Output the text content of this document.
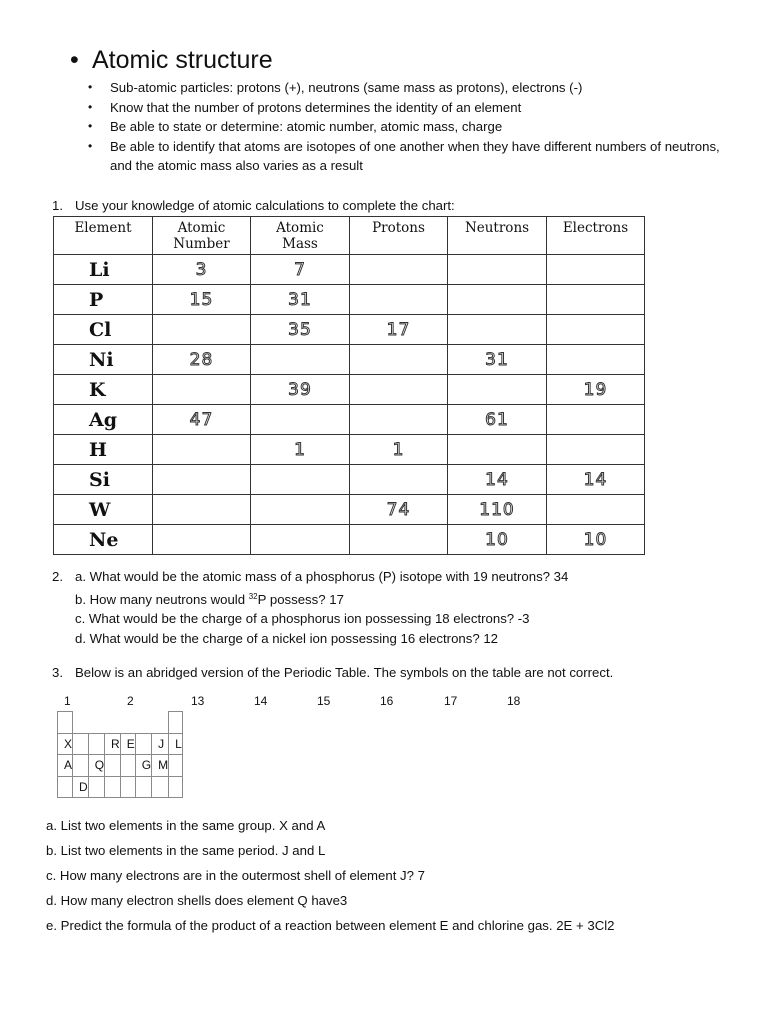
• Atomic structure
•	Sub-atomic particles: protons (+), neutrons (same mass as protons), electrons (-)
•	Know that the number of protons determines the identity of an element
•	Be able to state or determine: atomic number, atomic mass, charge
•	Be able to identify that atoms are isotopes of one another when they have different numbers of neutrons, and the atomic mass also varies as a result
1. Use your knowledge of atomic calculations to complete the chart:
Element	Atomic Number	Atomic Mass	Protons	Neutrons	Electrons
Li	3	7			
P	15	31			
Cl		35	17		
Ni	28			31	
K		39			19
Ag	47			61	
H		1	1		
Si				14	14
W			74	110	
Ne				10	10
2. a. What would be the atomic mass of a phosphorus (P) isotope with 19 neutrons? 34
b. How many neutrons would $^{32}$P possess? 17
c. What would be the charge of a phosphorus ion possessing 18 electrons? -3
d. What would be the charge of a nickel ion possessing 16 electrons? 12
3. Below is an abridged version of the Periodic Table. The symbols on the table are not correct.
1	2	13	14	15	16	17	18

X			R	E		J	L
A		Q			G	M	
	D						
a. List two elements in the same group. X and A
b. List two elements in the same period. J and L
c. How many electrons are in the outermost shell of element J? 7
d. How many electron shells does element Q have3
e. Predict the formula of the product of a reaction between element E and chlorine gas. 2E + 3Cl2
